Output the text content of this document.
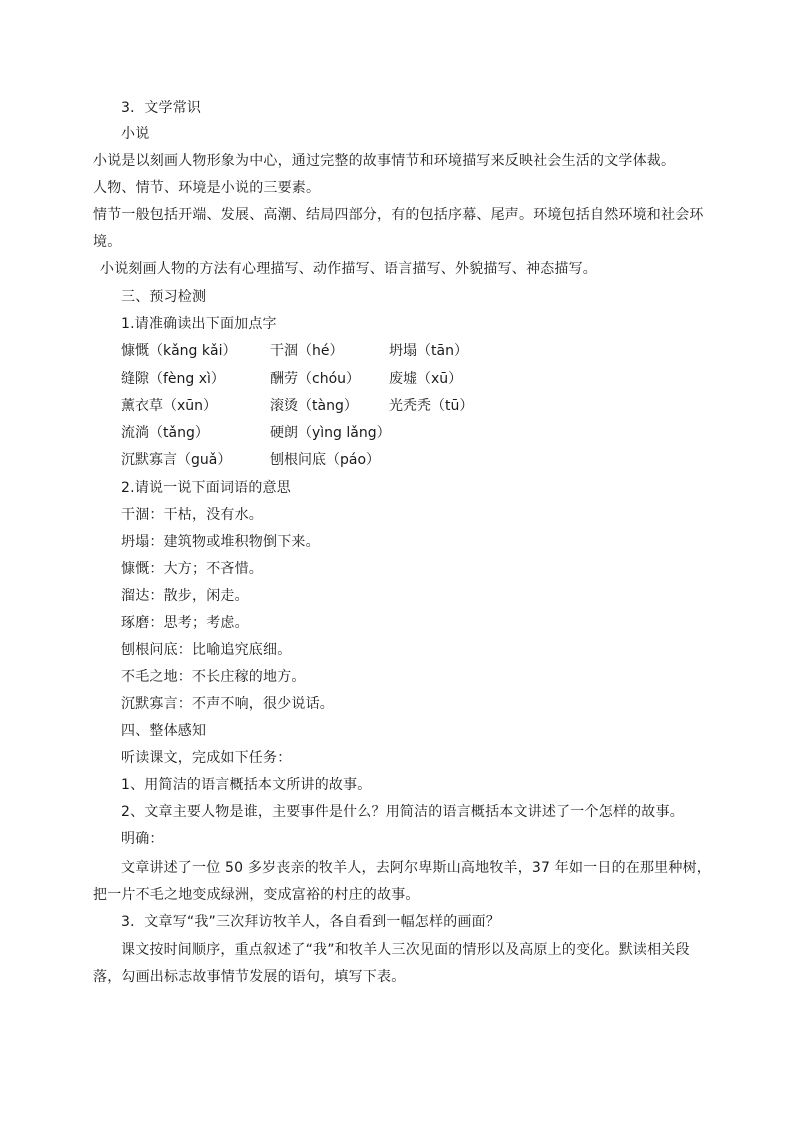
3．文学常识
小说
小说是以刻画人物形象为中心，通过完整的故事情节和环境描写来反映社会生活的文学体裁。
人物、情节、环境是小说的三要素。
情节一般包括开端、发展、高潮、结局四部分，有的包括序幕、尾声。环境包括自然环境和社会环
境。
小说刻画人物的方法有心理描写、动作描写、语言描写、外貌描写、神态描写。
三、预习检测
1.请准确读出下面加点字
慷慨（kǎng kǎi） 干涸（hé）	坍塌（tān）
缝隙（fèng xì）	酬劳（chóu） 废墟（xū）
薰衣草（xūn）	滚烫（tàng） 光秃秃（tū）
流淌（tǎng）	硬朗（yìng lǎng）
沉默寡言（guǎ）	刨根问底（páo）
2.请说一说下面词语的意思
干涸：干枯，没有水。
坍塌：建筑物或堆积物倒下来。
慷慨：大方；不吝惜。
溜达：散步，闲走。
琢磨：思考；考虑。
刨根问底：比喻追究底细。
不毛之地：不长庄稼的地方。
沉默寡言：不声不响，很少说话。
四、整体感知
听读课文，完成如下任务：
1、用简洁的语言概括本文所讲的故事。
2、文章主要人物是谁，主要事件是什么？用简洁的语言概括本文讲述了一个怎样的故事。
明确：
文章讲述了一位 50 多岁丧亲的牧羊人，去阿尔卑斯山高地牧羊，37 年如一日的在那里种树，
把一片不毛之地变成绿洲，变成富裕的村庄的故事。
3．文章写“我”三次拜访牧羊人，各自看到一幅怎样的画面？
课文按时间顺序，重点叙述了“我”和牧羊人三次见面的情形以及高原上的变化。默读相关段
落，勾画出标志故事情节发展的语句，填写下表。
